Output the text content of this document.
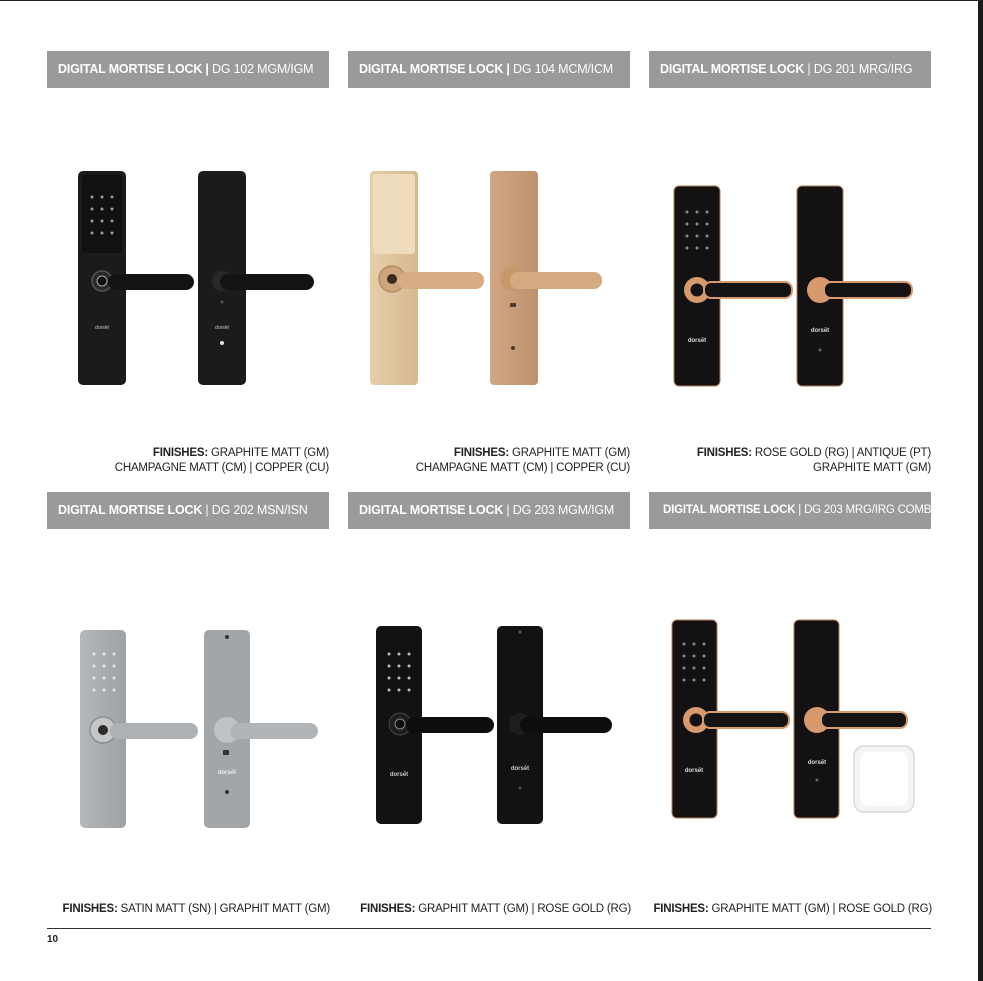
DIGITAL MORTISE LOCK | DG 102 MGM/IGM	DIGITAL MORTISE LOCK | DG 104 MCM/ICM	DIGITAL MORTISE LOCK | DG 201 MRG/IRG
dorsēt	dorsēt
dorsēt
dorsēt
FINISHES: GRAPHITE MATT (GM)
CHAMPAGNE MATT (CM) | COPPER (CU)
FINISHES: GRAPHITE MATT (GM)
CHAMPAGNE MATT (CM) | COPPER (CU)
FINISHES: ROSE GOLD (RG) | ANTIQUE (PT)
GRAPHITE MATT (GM)
DIGITAL MORTISE LOCK | DG 202 MSN/ISN	DIGITAL MORTISE LOCK | DG 203 MGM/IGM	DIGITAL MORTISE LOCK | DG 203 MRG/IRG COMBO
dorsēt	dorsēt
dorsēt	dorsēt
dorsēt
FINISHES: SATIN MATT (SN) | GRAPHIT MATT (GM)	FINISHES: GRAPHIT MATT (GM) | ROSE GOLD (RG) FINISHES: GRAPHITE MATT (GM) | ROSE GOLD (RG)
10
